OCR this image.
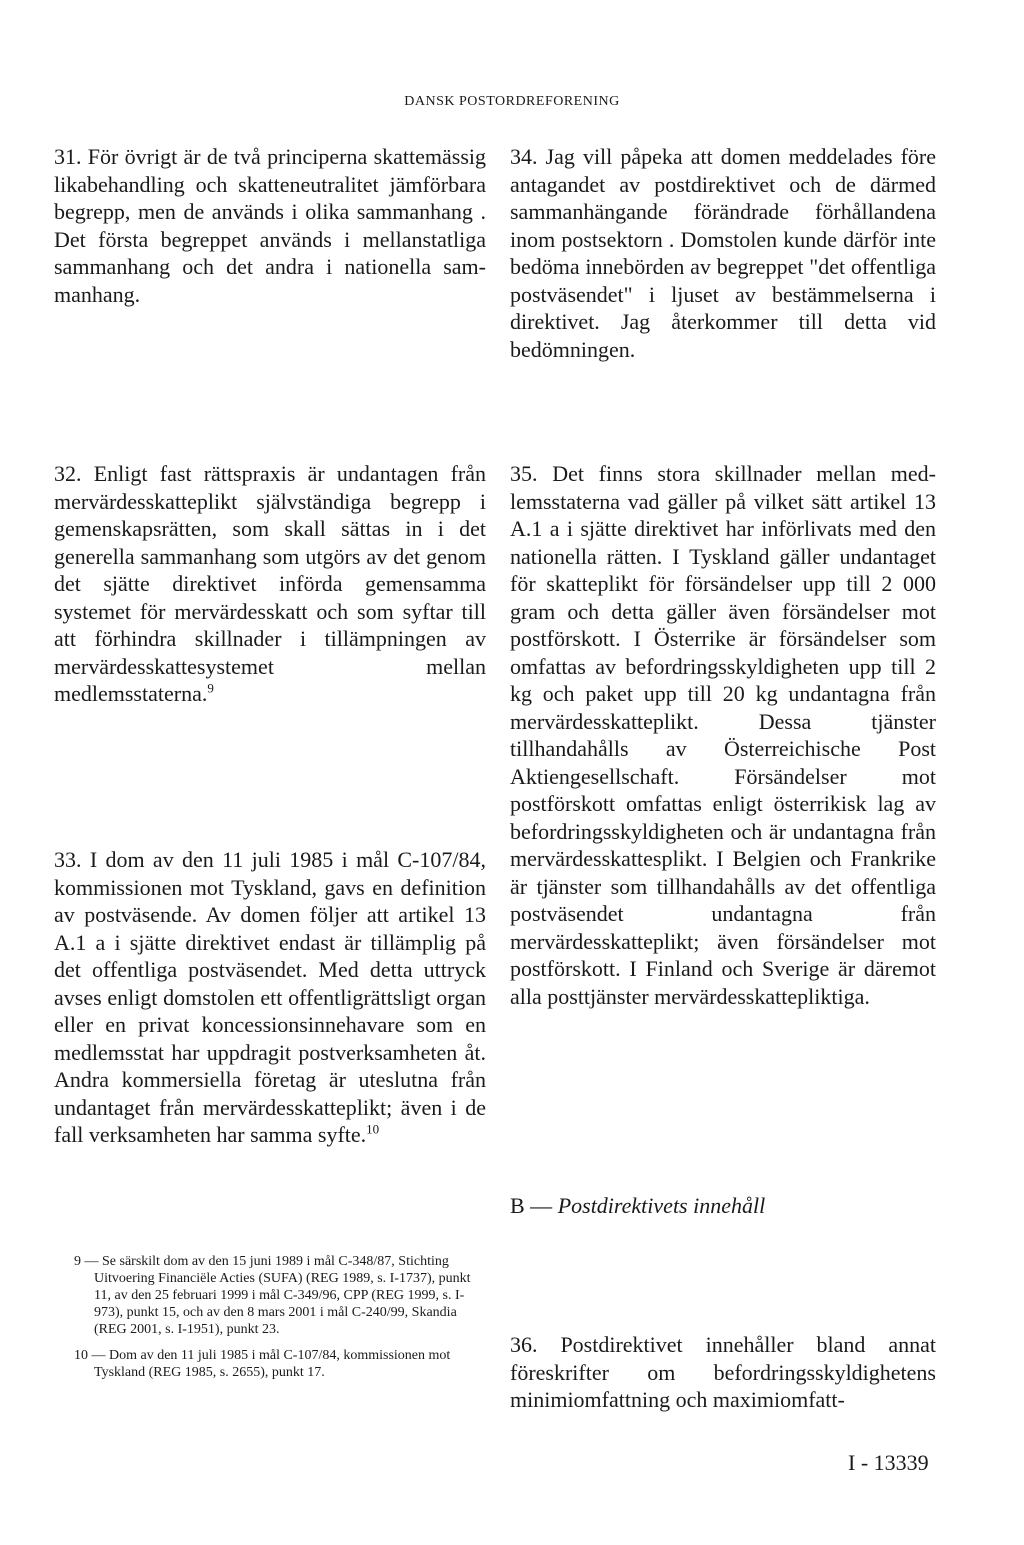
DANSK POSTORDREFORENING

31. För övrigt är de två principerna skattemässig likabehandling och skatteneutralitet jämförbara begrepp, men de används i olika sammanhang . Det första begreppet används i mellanstatliga sammanhang och det andra i nationella sammanhang.

32. Enligt fast rättspraxis är undantagen från mervärdesskatteplikt självständiga begrepp i gemenskapsrätten, som skall sättas in i det generella sammanhang som utgörs av det genom det sjätte direktivet införda gemensamma systemet för mervärdesskatt och som syftar till att förhindra skillnader i tillämpningen av mervärdesskattesystemet mellan medlemsstaterna.$^9$

33. I dom av den 11 juli 1985 i mål C-107/84, kommissionen mot Tyskland, gavs en definition av postväsende. Av domen följer att artikel 13 A.1 a i sjätte direktivet endast är tillämplig på det offentliga postväsendet. Med detta uttryck avses enligt domstolen ett offentligrättsligt organ eller en privat koncessionsinnehavare som en medlemsstat har uppdragit postverksamheten åt. Andra kommersiella företag är uteslutna från undantaget från mervärdesskatteplikt; även i de fall verksamheten har samma syfte.$^{10}$

34. Jag vill påpeka att domen meddelades före antagandet av postdirektivet och de därmed sammanhängande förändrade förhållandena inom postsektorn . Domstolen kunde därför inte bedöma innebörden av begreppet "det offentliga postväsendet" i ljuset av bestämmelserna i direktivet. Jag återkommer till detta vid bedömningen.

35. Det finns stora skillnader mellan medlemsstaterna vad gäller på vilket sätt artikel 13 A.1 a i sjätte direktivet har införlivats med den nationella rätten. I Tyskland gäller undantaget för skatteplikt för försändelser upp till 2 000 gram och detta gäller även försändelser mot postförskott. I Österrike är försändelser som omfattas av befordringsskyldigheten upp till 2 kg och paket upp till 20 kg undantagna från mervärdesskatteplikt. Dessa tjänster tillhandahålls av Österreichische Post Aktiengesellschaft. Försändelser mot postförskott omfattas enligt österrikisk lag av befordringsskyldigheten och är undantagna från mervärdesskattesplikt. I Belgien och Frankrike är tjänster som tillhandahålls av det offentliga postväsendet undantagna från mervärdesskatteplikt; även försändelser mot postförskott. I Finland och Sverige är däremot alla posttjänster mervärdesskattepliktiga.

B — Postdirektivets innehåll

36. Postdirektivet innehåller bland annat föreskrifter om befordringsskyldighetens minimiomfattning och maximiomfatt-

9 — Se särskilt dom av den 15 juni 1989 i mål C-348/87, Stichting Uitvoering Financiële Acties (SUFA) (REG 1989, s. I-1737), punkt 11, av den 25 februari 1999 i mål C-349/96, CPP (REG 1999, s. I-973), punkt 15, och av den 8 mars 2001 i mål C-240/99, Skandia (REG 2001, s. I-1951), punkt 23.

10 — Dom av den 11 juli 1985 i mål C-107/84, kommissionen mot Tyskland (REG 1985, s. 2655), punkt 17.

I - 13339
